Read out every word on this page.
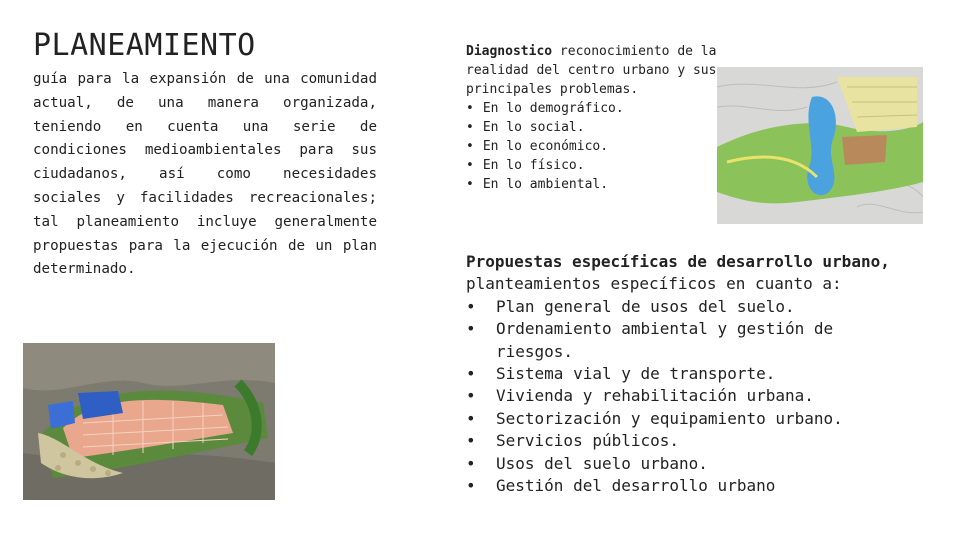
PLANEAMIENTO

guía para la expansión de una comunidad actual, de una manera organizada, teniendo en cuenta una serie de condiciones medioambientales para sus ciudadanos, así como necesidades sociales y facilidades recreacionales; tal planeamiento incluye generalmente propuestas para la ejecución de un plan determinado.

Diagnostico reconocimiento de la realidad del centro urbano y sus principales problemas.
• En lo demográfico.
• En lo social.
• En lo económico.
• En lo físico.
• En lo ambiental.
Propuestas específicas de desarrollo urbano, planteamientos específicos en cuanto a:
• Plan general de usos del suelo.
• Ordenamiento ambiental y gestión de riesgos.
• Sistema vial y de transporte.
• Vivienda y rehabilitación urbana.
• Sectorización y equipamiento urbano.
• Servicios públicos.
• Usos del suelo urbano.
• Gestión del desarrollo urbano
